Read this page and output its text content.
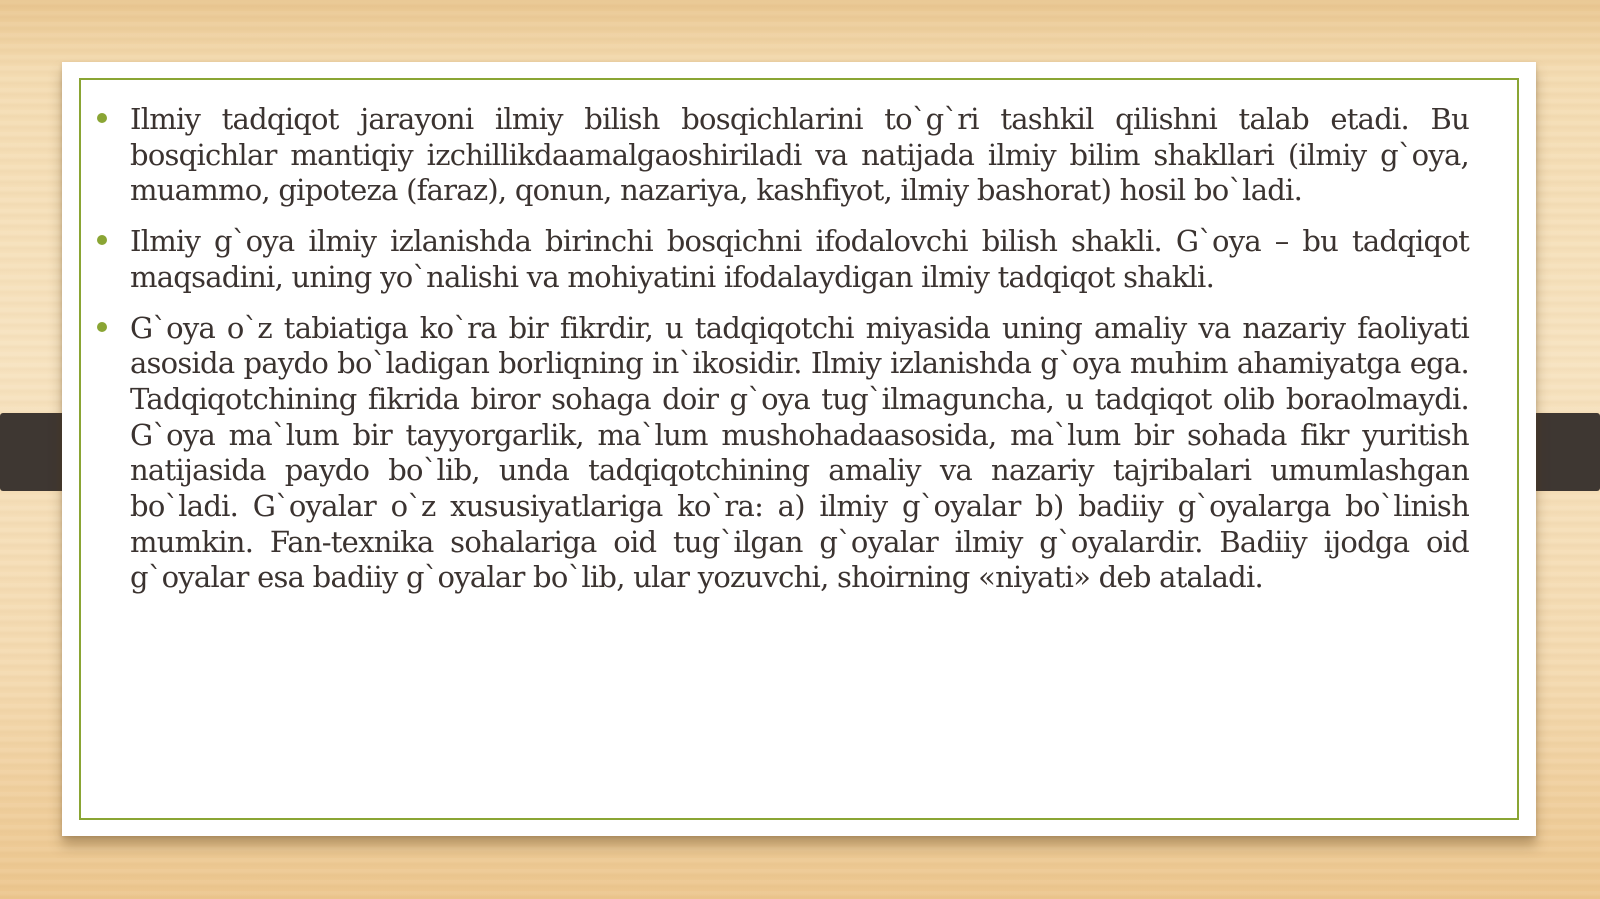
Ilmiy tadqiqot jarayoni ilmiy bilish bosqichlarini to`g`ri tashkil qilishni talab etadi. Bu bosqichlar mantiqiy izchillikdaamalgaoshiriladi va natijada ilmiy bilim shakllari (ilmiy g`oya, muammo, gipoteza (faraz), qonun, nazariya, kashfiyot, ilmiy bashorat) hosil bo`ladi.

Ilmiy g`oya ilmiy izlanishda birinchi bosqichni ifodalovchi bilish shakli. G`oya – bu tadqiqot maqsadini, uning yo`nalishi va mohiyatini ifodalaydigan ilmiy tadqiqot shakli.

G`oya o`z tabiatiga ko`ra bir fikrdir, u tadqiqotchi miyasida uning amaliy va nazariy faoliyati asosida paydo bo`ladigan borliqning in`ikosidir. Ilmiy izlanishda g`oya muhim ahamiyatga ega. Tadqiqotchining fikrida biror sohaga doir g`oya tug`ilmaguncha, u tadqiqot olib boraolmaydi. G`oya ma`lum bir tayyorgarlik, ma`lum mushohadaasosida, ma`lum bir sohada fikr yuritish natijasida paydo bo`lib, unda tadqiqotchining amaliy va nazariy tajribalari umumlashgan bo`ladi. G`oyalar o`z xususiyatlariga ko`ra: a) ilmiy g`oyalar b) badiiy g`oyalarga bo`linish mumkin. Fan-texnika sohalariga oid tug`ilgan g`oyalar ilmiy g`oyalardir. Badiiy ijodga oid g`oyalar esa badiiy g`oyalar bo`lib, ular yozuvchi, shoirning «niyati» deb ataladi.
